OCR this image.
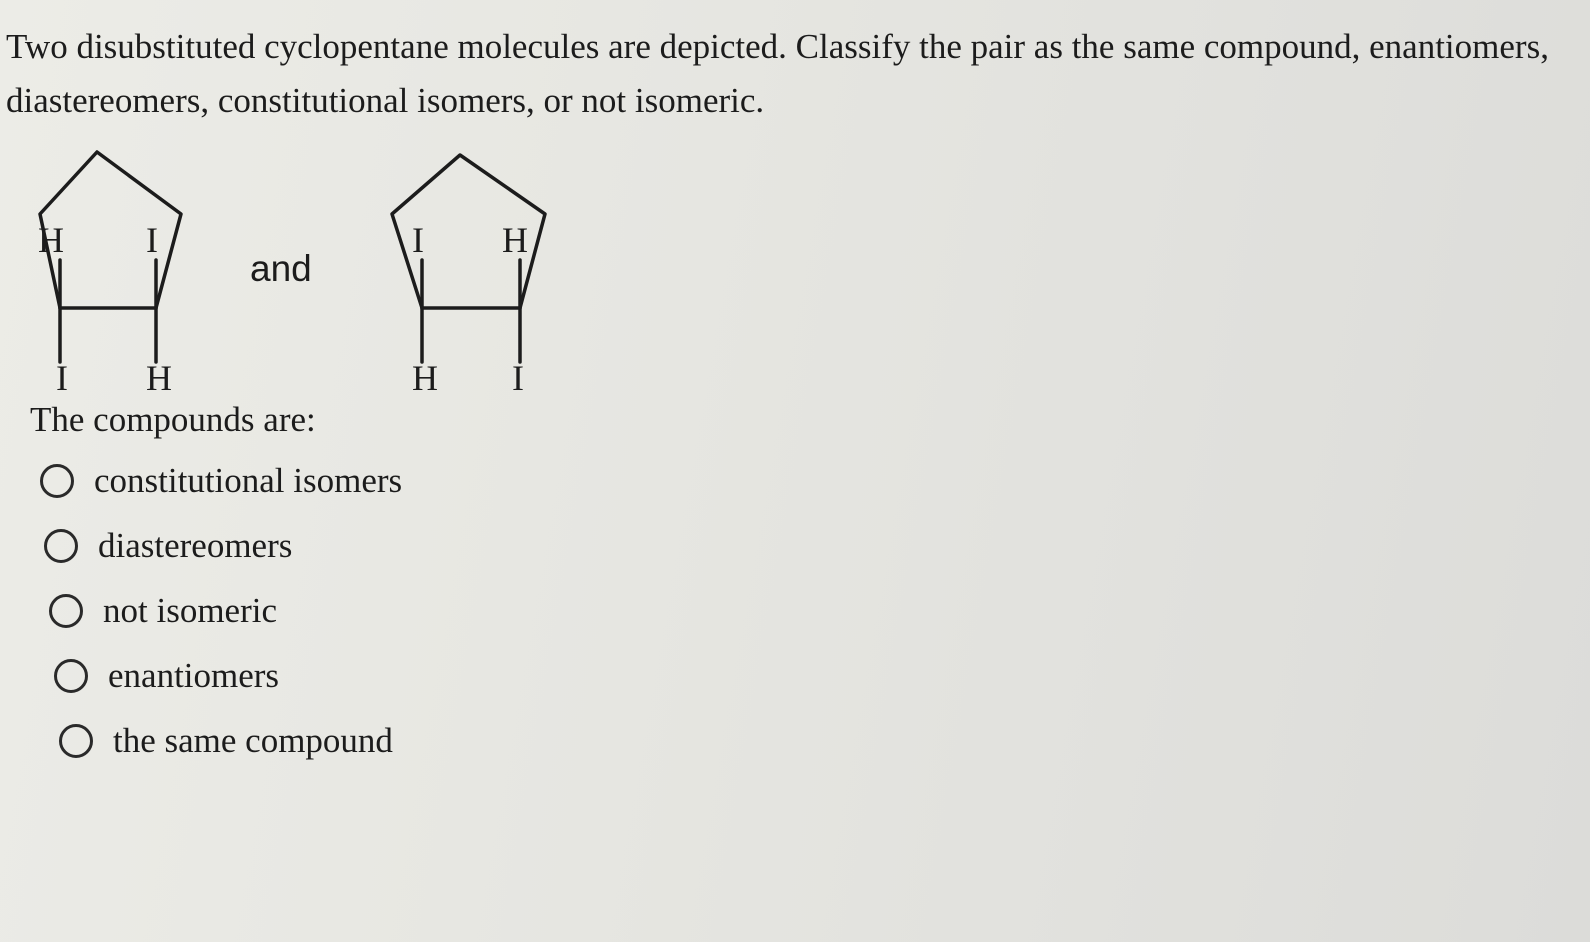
Two disubstituted cyclopentane molecules are depicted. Classify the pair as the same compound, enantiomers, diastereomers, constitutional isomers, or not isomeric.

H I
I H
and
I H
H I
The compounds are:
constitutional isomers
diastereomers
not isomeric
enantiomers
the same compound
